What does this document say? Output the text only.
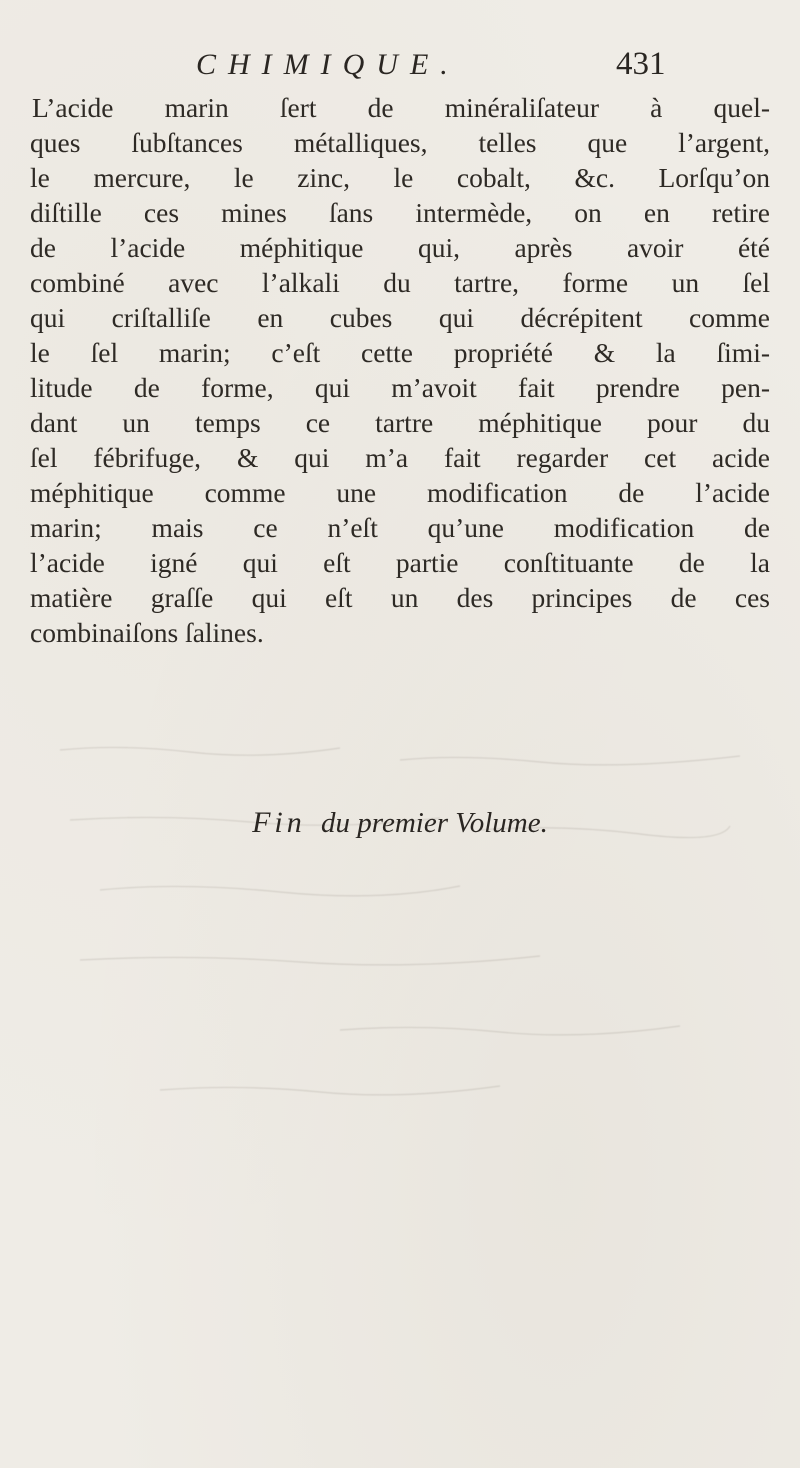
CHIMIQUE.	431
L’acide marin ſert de minéraliſateur à quel-
ques ſubſtances métalliques, telles que l’argent,
le mercure, le zinc, le cobalt, &c. Lorſqu’on
diſtille ces mines ſans intermède, on en retire
de l’acide méphitique qui, après avoir été
combiné avec l’alkali du tartre, forme un ſel
qui criſtalliſe en cubes qui décrépitent comme
le ſel marin; c’eſt cette propriété & la ſimi-
litude de forme, qui m’avoit fait prendre pen-
dant un temps ce tartre méphitique pour du
ſel fébrifuge, & qui m’a fait regarder cet acide
méphitique comme une modification de l’acide
marin; mais ce n’eſt qu’une modification de
l’acide igné qui eſt partie conſtituante de la
matière graſſe qui eſt un des principes de ces
combinaiſons ſalines.
Fin du premier Volume.
